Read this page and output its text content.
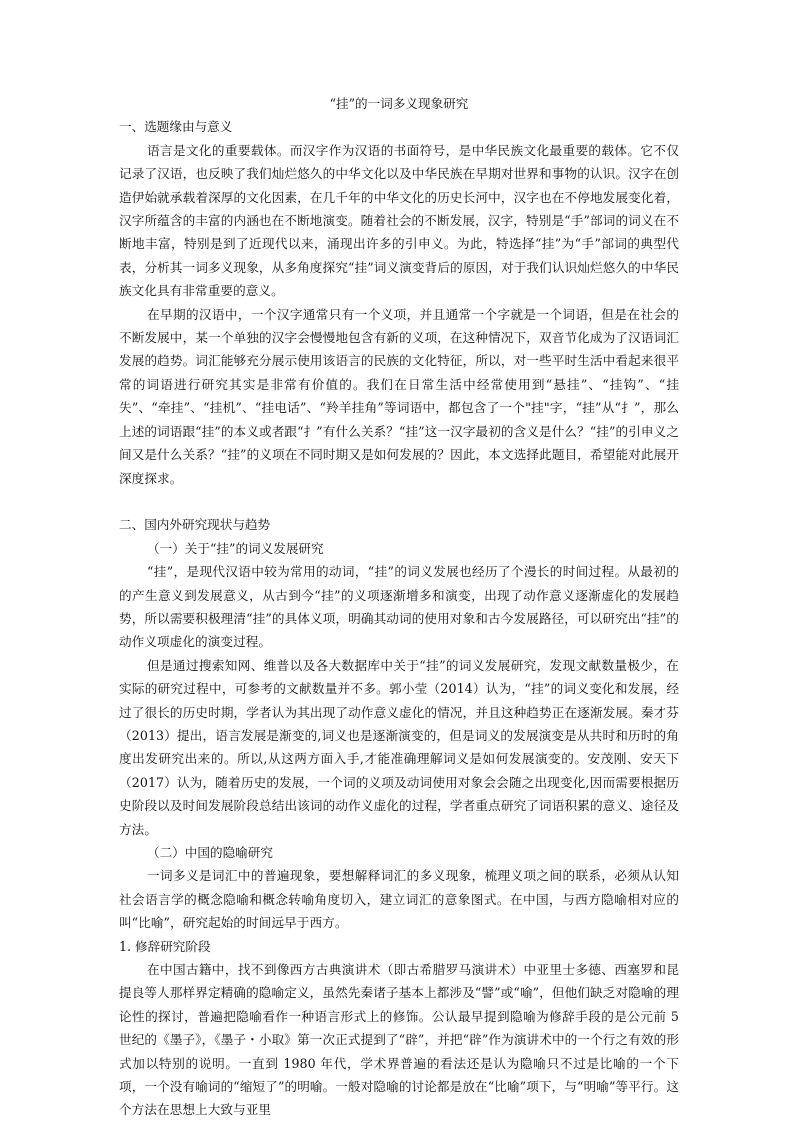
“挂”的一词多义现象研究

一、选题缘由与意义

语言是文化的重要载体。而汉字作为汉语的书面符号，是中华民族文化最重要的载体。它不仅记录了汉语，也反映了我们灿烂悠久的中华文化以及中华民族在早期对世界和事物的认识。汉字在创造伊始就承载着深厚的文化因素，在几千年的中华文化的历史长河中，汉字也在不停地发展变化着，汉字所蕴含的丰富的内涵也在不断地演变。随着社会的不断发展，汉字，特别是“手”部词的词义在不断地丰富，特别是到了近现代以来，涌现出许多的引申义。为此，特选择“挂”为“手”部词的典型代表，分析其一词多义现象，从多角度探究“挂”词义演变背后的原因，对于我们认识灿烂悠久的中华民族文化具有非常重要的意义。

在早期的汉语中，一个汉字通常只有一个义项，并且通常一个字就是一个词语，但是在社会的不断发展中，某一个单独的汉字会慢慢地包含有新的义项，在这种情况下，双音节化成为了汉语词汇发展的趋势。词汇能够充分展示使用该语言的民族的文化特征，所以，对一些平时生活中看起来很平常的词语进行研究其实是非常有价值的。我们在日常生活中经常使用到“悬挂”、“挂钩”、“挂失”、“牵挂”、“挂机”、“挂电话”、“羚羊挂角”等词语中，都包含了一个"挂"字，“挂”从“扌”，那么上述的词语跟“挂”的本义或者跟“扌”有什么关系？“挂”这一汉字最初的含义是什么？“挂”的引申义之间又是什么关系？“挂”的义项在不同时期又是如何发展的？因此，本文选择此题目，希望能对此展开深度探求。

二、国内外研究现状与趋势

（一）关于“挂”的词义发展研究

“挂”，是现代汉语中较为常用的动词，“挂”的词义发展也经历了个漫长的时间过程。从最初的的产生意义到发展意义，从古到今“挂”的义项逐渐增多和演变，出现了动作意义逐渐虚化的发展趋势，所以需要积极理清“挂”的具体义项，明确其动词的使用对象和古今发展路径，可以研究出“挂”的动作义项虚化的演变过程。

但是通过搜索知网、维普以及各大数据库中关于“挂”的词义发展研究，发现文献数量极少，在实际的研究过程中，可参考的文献数量并不多。郭小莹（2014）认为，“挂”的词义变化和发展，经过了很长的历史时期，学者认为其出现了动作意义虚化的情况，并且这种趋势正在逐渐发展。秦才芬（2013）提出，语言发展是渐变的,词义也是逐渐演变的，但是词义的发展演变是从共时和历时的角度出发研究出来的。所以,从这两方面入手,才能准确理解词义是如何发展演变的。安茂刚、安天下（2017）认为，随着历史的发展，一个词的义项及动词使用对象会会随之出现变化,因而需要根据历史阶段以及时间发展阶段总结出该词的动作义虚化的过程，学者重点研究了词语积累的意义、途径及方法。

（二）中国的隐喻研究

一词多义是词汇中的普遍现象，要想解释词汇的多义现象，梳理义项之间的联系，必须从认知社会语言学的概念隐喻和概念转喻角度切入，建立词汇的意象图式。在中国，与西方隐喻相对应的叫“比喻”，研究起始的时间远早于西方。

1. 修辞研究阶段

在中国古籍中，找不到像西方古典演讲术（即古希腊罗马演讲术）中亚里士多德、西塞罗和昆提良等人那样界定精确的隐喻定义，虽然先秦诸子基本上都涉及“譬”或“喻”，但他们缺乏对隐喻的理论性的探讨，普遍把隐喻看作一种语言形式上的修饰。公认最早提到隐喻为修辞手段的是公元前 5 世纪的《墨子》，《墨子・小取》第一次正式提到了“辟”，并把“辟”作为演讲术中的一个行之有效的形式加以特别的说明。一直到 1980 年代，学术界普遍的看法还是认为隐喻只不过是比喻的一个下项，一个没有喻词的“缩短了”的明喻。一般对隐喻的讨论都是放在“比喻”项下，与“明喻”等平行。这个方法在思想上大致与亚里
